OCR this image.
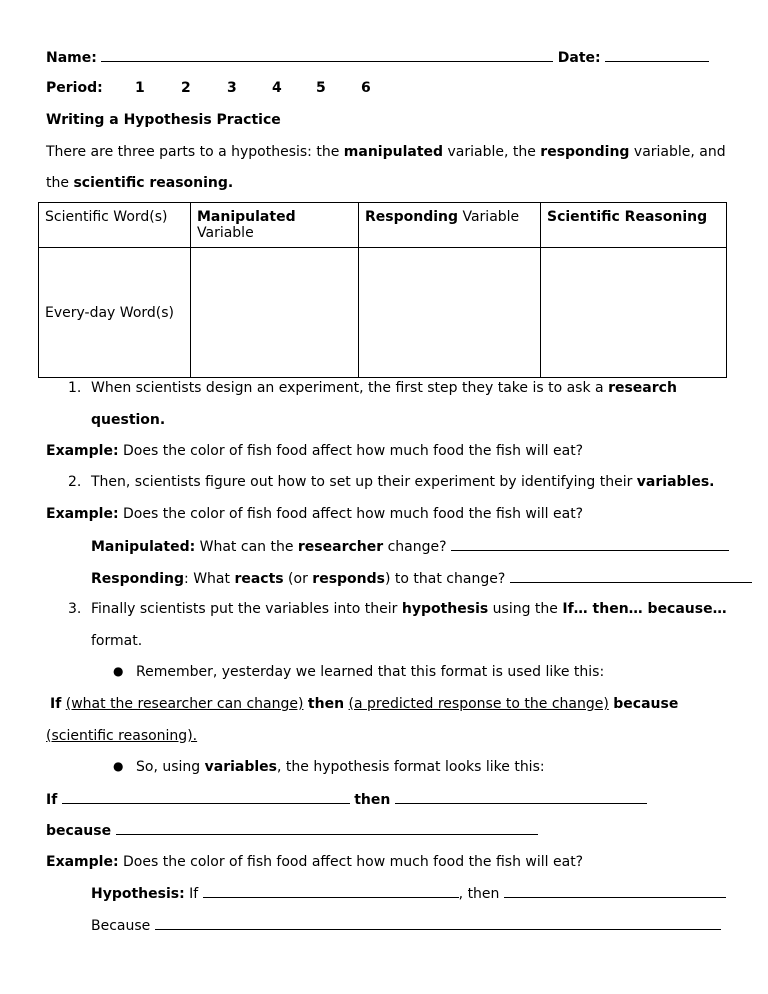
Name:	Date:
Period: 1	2	3	4 5	6
Writing a Hypothesis Practice
There are three parts to a hypothesis: the manipulated variable, the responding variable, and
the scientific reasoning.
Scientific Word(s)	Manipulated Variable	Responding Variable	Scientific Reasoning
Every-day Word(s)			
1. When scientists design an experiment, the first step they take is to ask a research
question.
Example: Does the color of fish food affect how much food the fish will eat?
2. Then, scientists figure out how to set up their experiment by identifying their variables.
Example: Does the color of fish food affect how much food the fish will eat?
Manipulated: What can the researcher change?
Responding: What reacts (or responds) to that change?
3. Finally scientists put the variables into their hypothesis using the If… then… because…
format.
● Remember, yesterday we learned that this format is used like this:
If (what the researcher can change) then (a predicted response to the change) because
(scientific reasoning).
● So, using variables, the hypothesis format looks like this:
If	then
because
Example: Does the color of fish food affect how much food the fish will eat?
Hypothesis: If	, then
Because
